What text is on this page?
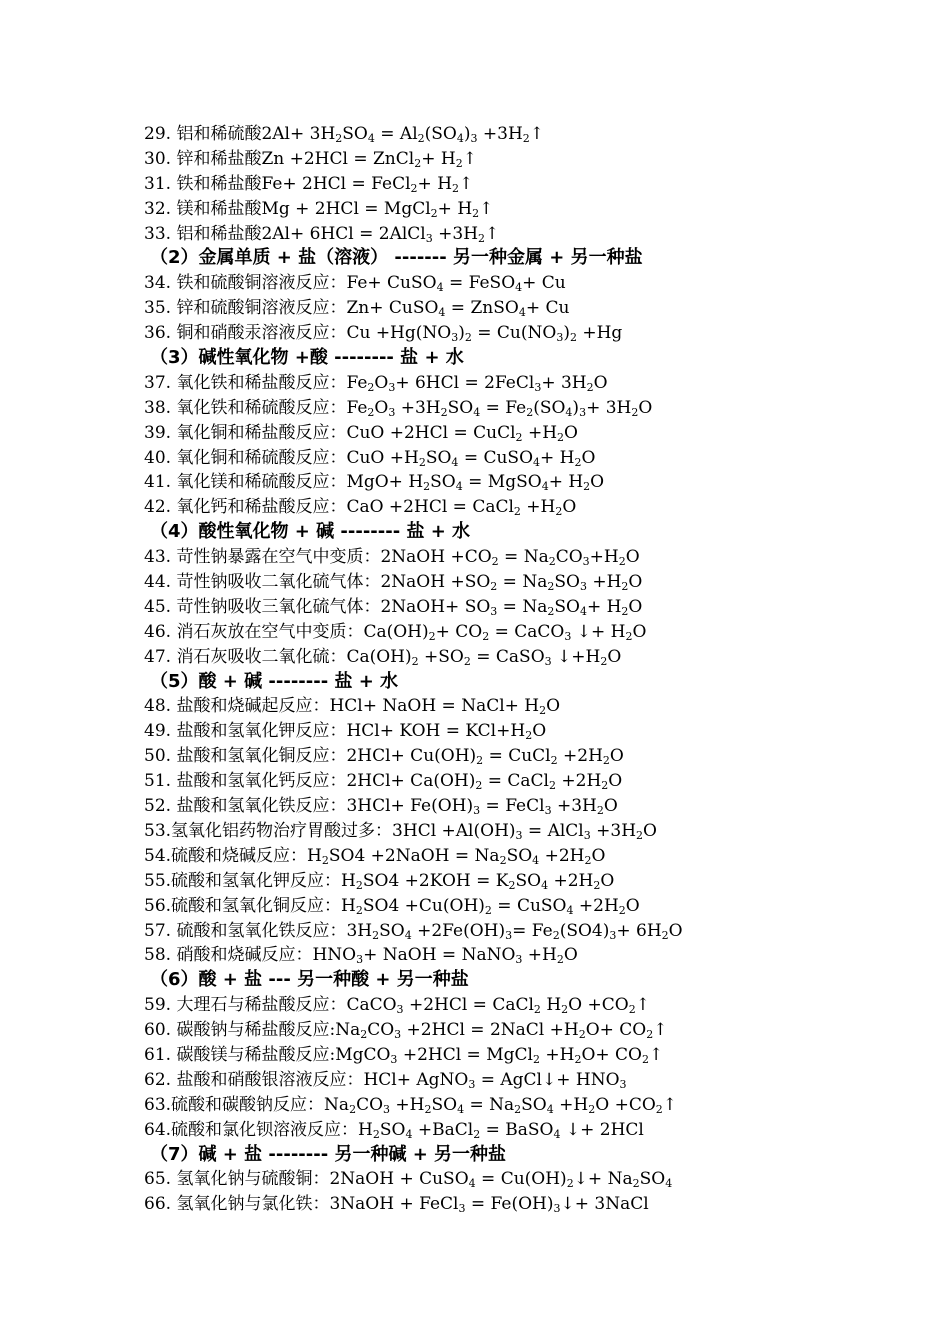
29. 铝和稀硫酸$2Al+ 3H_2SO_4 = Al_2(SO_4)_3$ $+3H_2↑$
30. 锌和稀盐酸Zn +2HCl = ZnCl$_2$+ $H_2↑$
31. 铁和稀盐酸Fe+ 2HCl = FeCl$_2$+ $H_2↑$
32. 镁和稀盐酸Mg + 2HCl = MgCl$_2$+ $H_2↑$
33. 铝和稀盐酸2Al+ 6HCl = 2AlCl$_3$ $+3H_2↑$
（2）金属单质 + 盐（溶液） ------- 另一种金属 + 另一种盐
34. 铁和硫酸铜溶液反应：Fe+ CuSO$_4$ = FeSO$_4$+ Cu
35. 锌和硫酸铜溶液反应：Zn+ CuSO$_4$ = ZnSO$_4$+ Cu
36. 铜和硝酸汞溶液反应：$Cu +Hg(NO_3)_2 = Cu(NO_3)_2 +Hg$
（3）碱性氧化物 +酸 -------- 盐 + 水
37. 氧化铁和稀盐酸反应：$Fe_2O_3+ 6HCl$ = 2FeCl$_3$+ $3H_2O$
38. 氧化铁和稀硫酸反应：$Fe_2O_3 +3H_2SO_4 = Fe_2(SO_4)_3+ 3H_2O$
39. 氧化铜和稀盐酸反应：CuO +2HCl = CuCl$_2$ $+H_2O$
40. 氧化铜和稀硫酸反应：CuO $+H_2SO_4$ = CuSO$_4$+ $H_2O$
41. 氧化镁和稀硫酸反应：$MgO+ H_2SO_4$ = MgSO$_4$+ $H_2O$
42. 氧化钙和稀盐酸反应：CaO +2HCl = CaCl$_2$ $+H_2O$
（4）酸性氧化物 + 碱 -------- 盐 + 水
43. 苛性钠暴露在空气中变质：2NaOH $+CO_2 = Na_2CO_3+H_2O$
44. 苛性钠吸收二氧化硫气体：2NaOH $+SO_2 = Na_2SO_3 +H_2O$
45. 苛性钠吸收三氧化硫气体：2NaOH+ $SO_3 = Na_2SO_4+ H_2O$
46. 消石灰放在空气中变质：$Ca(OH)_2+ CO_2$ = CaCO$_3$ ↓+ $H_2O$
47. 消石灰吸收二氧化硫：$Ca(OH)_2 +SO_2$ = CaSO$_3$ $↓+H_2O$
（5）酸 + 碱 -------- 盐 + 水
48. 盐酸和烧碱起反应：HCl+ NaOH = NaCl+ $H_2O$
49. 盐酸和氢氧化钾反应：HCl+ KOH = $KCl+H_2O$
50. 盐酸和氢氧化铜反应：$2HCl+ Cu(OH)_2$ = CuCl$_2$ $+2H_2O$
51. 盐酸和氢氧化钙反应：$2HCl+ Ca(OH)_2$ = CaCl$_2$ $+2H_2O$
52. 盐酸和氢氧化铁反应：$3HCl+ Fe(OH)_3$ = FeCl$_3$ $+3H_2O$
53.氢氧化铝药物治疗胃酸过多：$3HCl +Al(OH)_3$ = AlCl$_3$ $+3H_2O$
54.硫酸和烧碱反应：$H_2SO4$ +2NaOH = $Na_2SO_4 +2H_2O$
55.硫酸和氢氧化钾反应：$H_2SO4 +2KOH = K_2SO_4 +2H_2O$
56.硫酸和氢氧化铜反应：$H_2SO4 +Cu(OH)_2$ = CuSO$_4$ $+2H_2O$
57. 硫酸和氢氧化铁反应：$3H_2SO_4 +2Fe(OH)_3= Fe_2(SO4)_3+ 6H_2O$
58. 硝酸和烧碱反应：$HNO_3+$ NaOH = NaNO$_3$ $+H_2O$
（6）酸 + 盐 --- 另一种酸 + 另一种盐
59. 大理石与稀盐酸反应：CaCO$_3$ +2HCl = CaCl$_2$ $H_2O$ $+CO_2↑$
60. 碳酸钠与稀盐酸反应$:Na_2CO_3 +2HCl$ = 2NaCl $+H_2O+$ $CO_2↑$
61. 碳酸镁与稀盐酸反应:MgCO$_3$ +2HCl = MgCl$_2$ $+H_2O+$ $CO_2↑$
62. 盐酸和硝酸银溶液反应：HCl+ AgNO$_3$ = AgCl↓+ $HNO_3$
63.硫酸和碳酸钠反应：$Na_2CO_3 +H_2SO_4 = Na_2SO_4 +H_2O$ $+CO_2↑$
64.硫酸和氯化钡溶液反应：$H_2SO_4$ +BaCl$_2$ = BaSO$_4$ ↓+ 2HCl
（7）碱 + 盐 -------- 另一种碱 + 另一种盐
65. 氢氧化钠与硫酸铜：2NaOH + CuSO$_4$ = $Cu(OH)_2↓+ Na_2SO_4$
66. 氢氧化钠与氯化铁：3NaOH + FeCl$_3$ = $Fe(OH)_3↓+$ 3NaCl
